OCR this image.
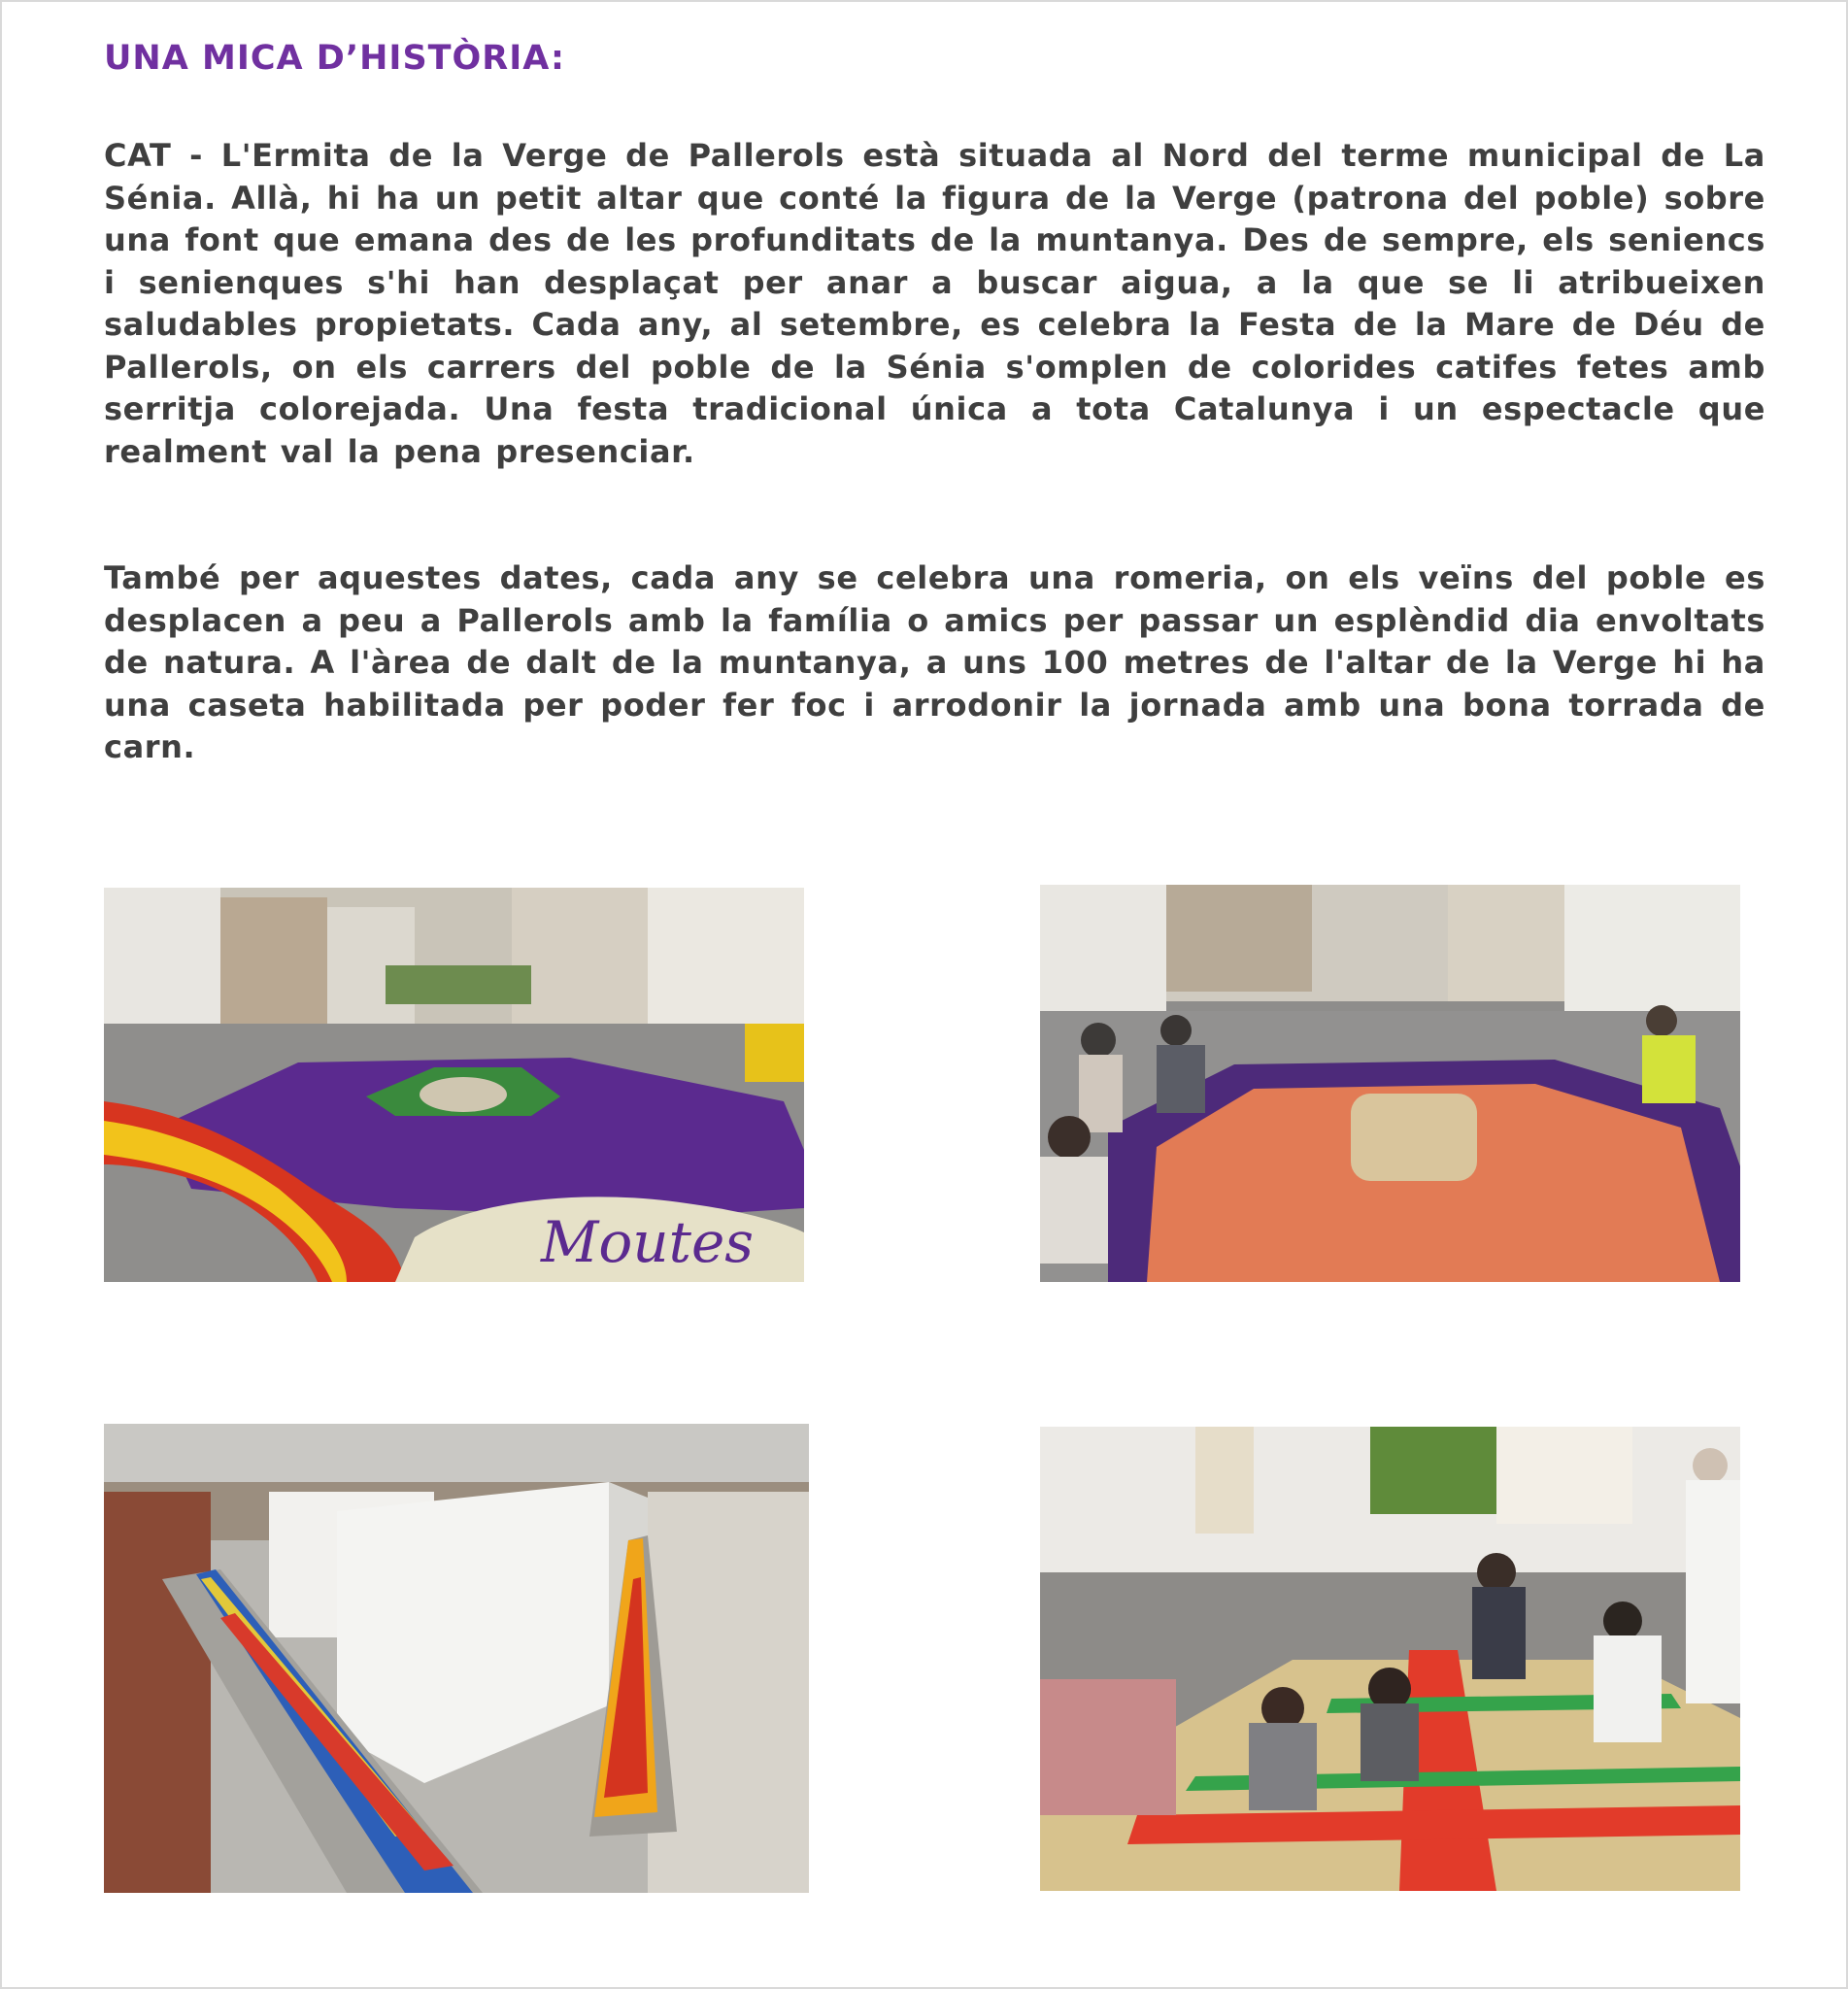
UNA MICA D’HISTÒRIA:

CAT - L'Ermita de la Verge de Pallerols està situada al Nord del terme municipal de La Sénia. Allà, hi ha un petit altar que conté la figura de la Verge (patrona del poble) sobre una font que emana des de les profunditats de la muntanya. Des de sempre, els seniencs i senienques s'hi han desplaçat per anar a buscar aigua, a la que se li atribueixen saludables propietats. Cada any, al setembre, es celebra la Festa de la Mare de Déu de Pallerols, on els carrers del poble de la Sénia s'omplen de colorides catifes fetes amb serritja colorejada. Una festa tradicional única a tota Catalunya i un espectacle que realment val la pena presenciar.

També per aquestes dates, cada any se celebra una romeria, on els veïns del poble es desplacen a peu a Pallerols amb la família o amics per passar un esplèndid dia envoltats de natura. A l'àrea de dalt de la muntanya, a uns 100 metres de l'altar de la Verge hi ha una caseta habilitada per poder fer foc i arrodonir la jornada amb una bona torrada de carn.

Moutes
